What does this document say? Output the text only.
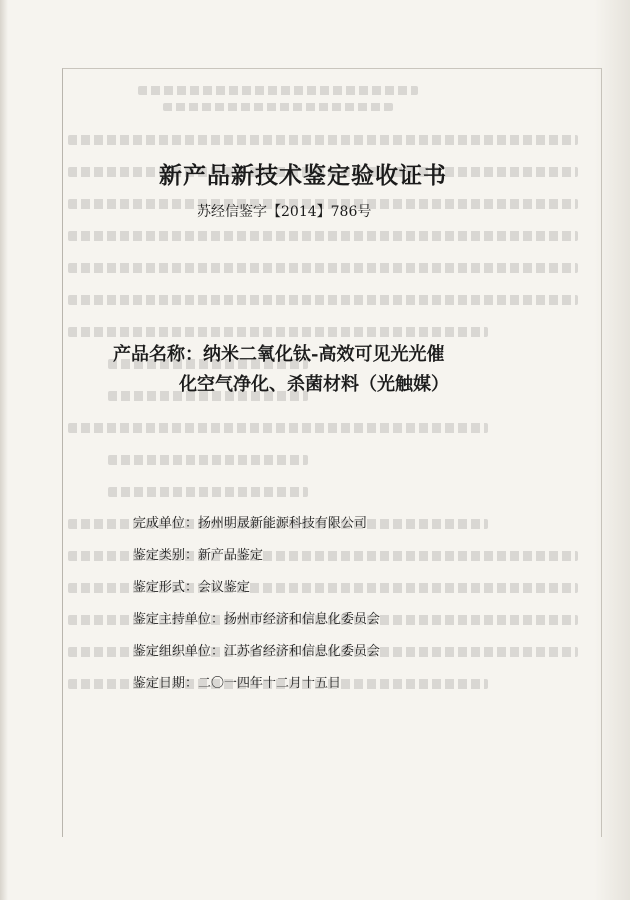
新产品新技术鉴定验收证书
苏经信鉴字【2014】786号
产品名称：纳米二氧化钛-高效可见光光催
化空气净化、杀菌材料（光触媒）
完成单位：扬州明晟新能源科技有限公司
鉴定类别：新产品鉴定
鉴定形式：会议鉴定
鉴定主持单位：扬州市经济和信息化委员会
鉴定组织单位：江苏省经济和信息化委员会
鉴定日期：二〇一四年十二月十五日
